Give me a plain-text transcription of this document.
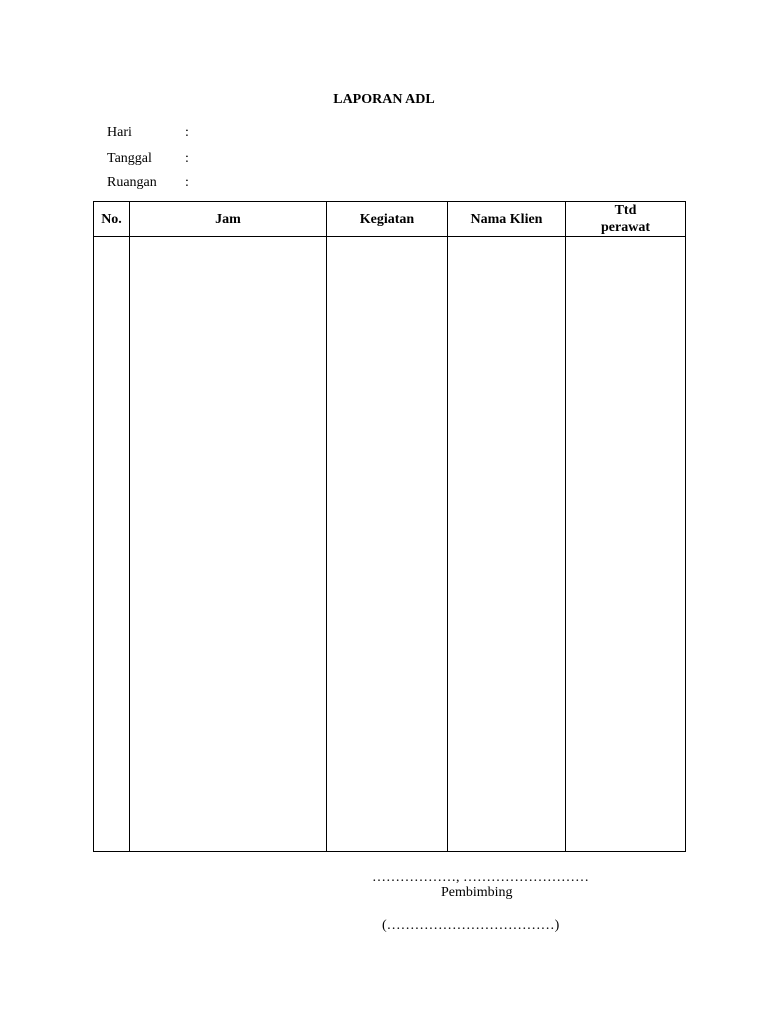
LAPORAN ADL
Hari	:
Tanggal :
Ruangan :
No.	Jam	Kegiatan	Nama Klien	Ttd
perawat

………………, ………………………
Pembimbing
(………………………………)
